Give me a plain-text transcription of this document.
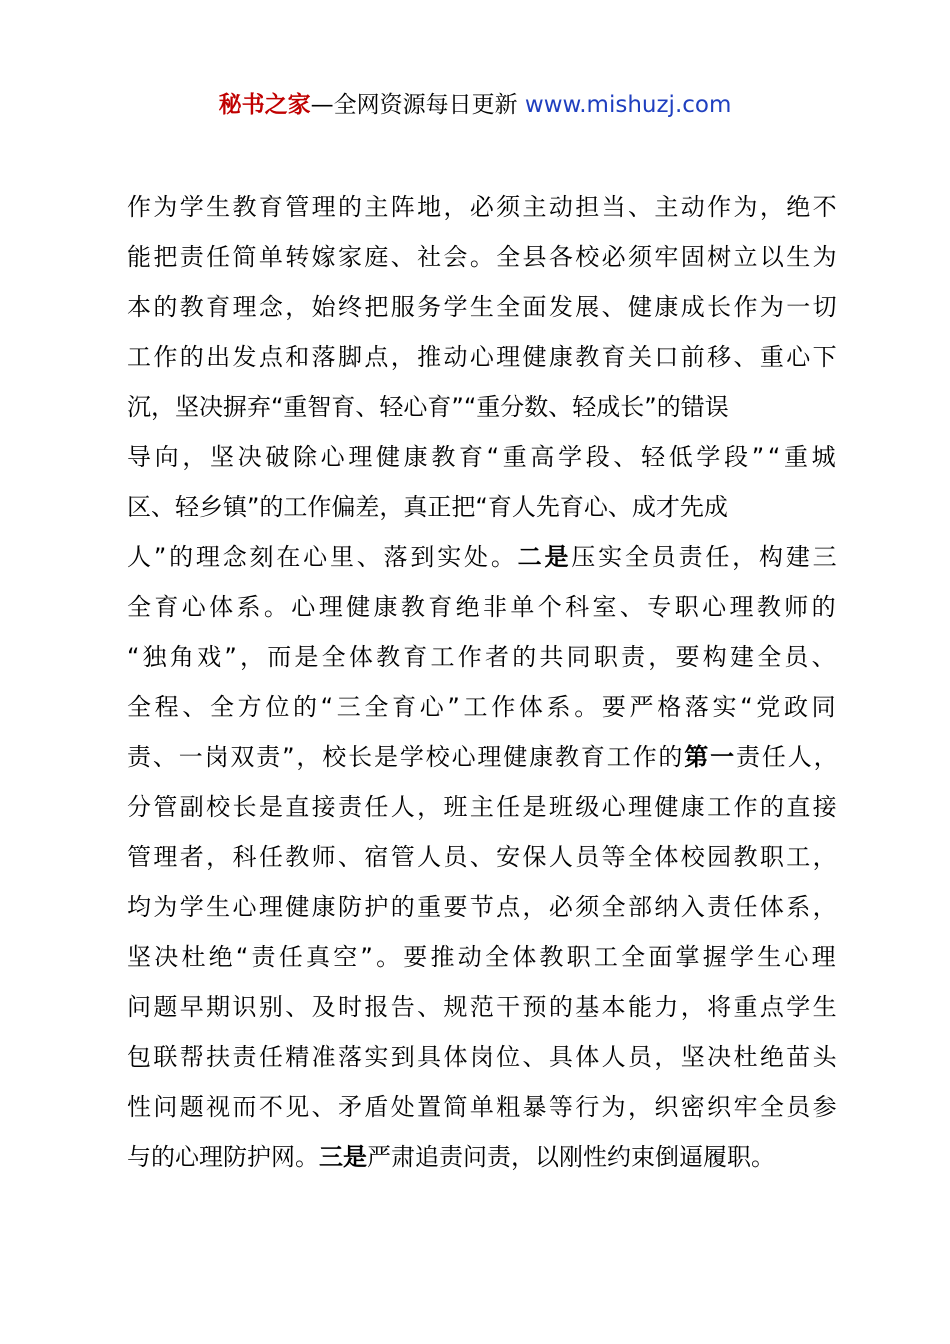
秘书之家—全网资源每日更新 www.mishuzj.com
作为学生教育管理的主阵地，必须主动担当、主动作为，绝不
能把责任简单转嫁家庭、社会。全县各校必须牢固树立以生为
本的教育理念，始终把服务学生全面发展、健康成长作为一切
工作的出发点和落脚点，推动心理健康教育关口前移、重心下
沉，坚决摒弃“重智育、轻心育”“重分数、轻成长”的错误
导向，坚决破除心理健康教育“重高学段、轻低学段”“重城
区、轻乡镇”的工作偏差，真正把“育人先育心、成才先成
人”的理念刻在心里、落到实处。二是压实全员责任，构建三
全育心体系。心理健康教育绝非单个科室、专职心理教师的
“独角戏”，而是全体教育工作者的共同职责，要构建全员、
全程、全方位的“三全育心”工作体系。要严格落实“党政同
责、一岗双责”，校长是学校心理健康教育工作的第一责任人，
分管副校长是直接责任人，班主任是班级心理健康工作的直接
管理者，科任教师、宿管人员、安保人员等全体校园教职工，
均为学生心理健康防护的重要节点，必须全部纳入责任体系，
坚决杜绝“责任真空”。要推动全体教职工全面掌握学生心理
问题早期识别、及时报告、规范干预的基本能力，将重点学生
包联帮扶责任精准落实到具体岗位、具体人员，坚决杜绝苗头
性问题视而不见、矛盾处置简单粗暴等行为，织密织牢全员参
与的心理防护网。三是严肃追责问责，以刚性约束倒逼履职。
